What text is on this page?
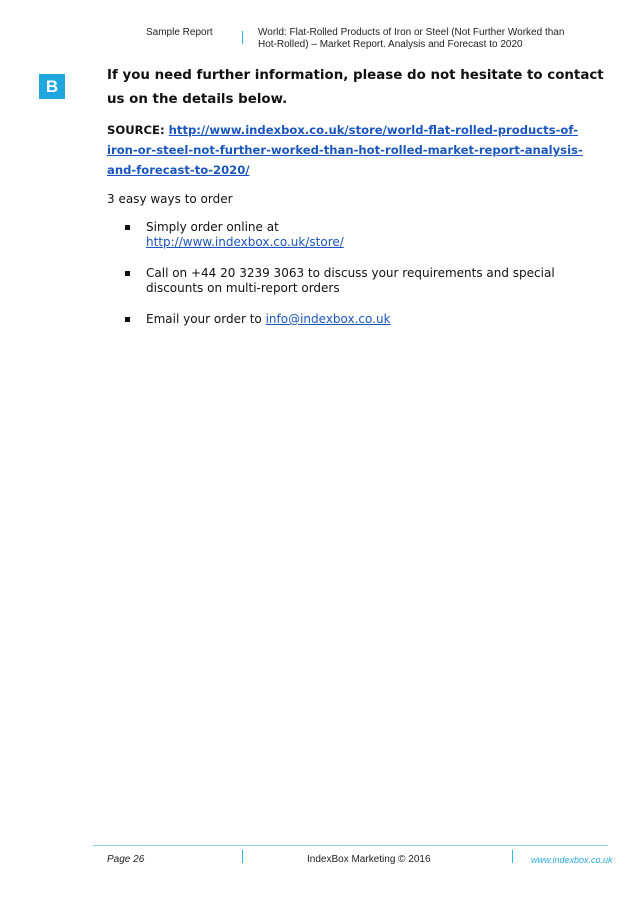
Sample Report	World: Flat-Rolled Products of Iron or Steel (Not Further Worked than
Hot-Rolled) – Market Report. Analysis and Forecast to 2020
B
If you need further information, please do not hesitate to contact us on the details below.
SOURCE: http://www.indexbox.co.uk/store/world-flat-rolled-products-of-iron-or-steel-not-further-worked-than-hot-rolled-market-report-analysis-and-forecast-to-2020/
3 easy ways to order
Simply order online at
http://www.indexbox.co.uk/store/
Call on +44 20 3239 3063 to discuss your requirements and special discounts on multi-report orders
Email your order to info@indexbox.co.uk
Page 26	IndexBox Marketing © 2016	www.indexbox.co.uk
